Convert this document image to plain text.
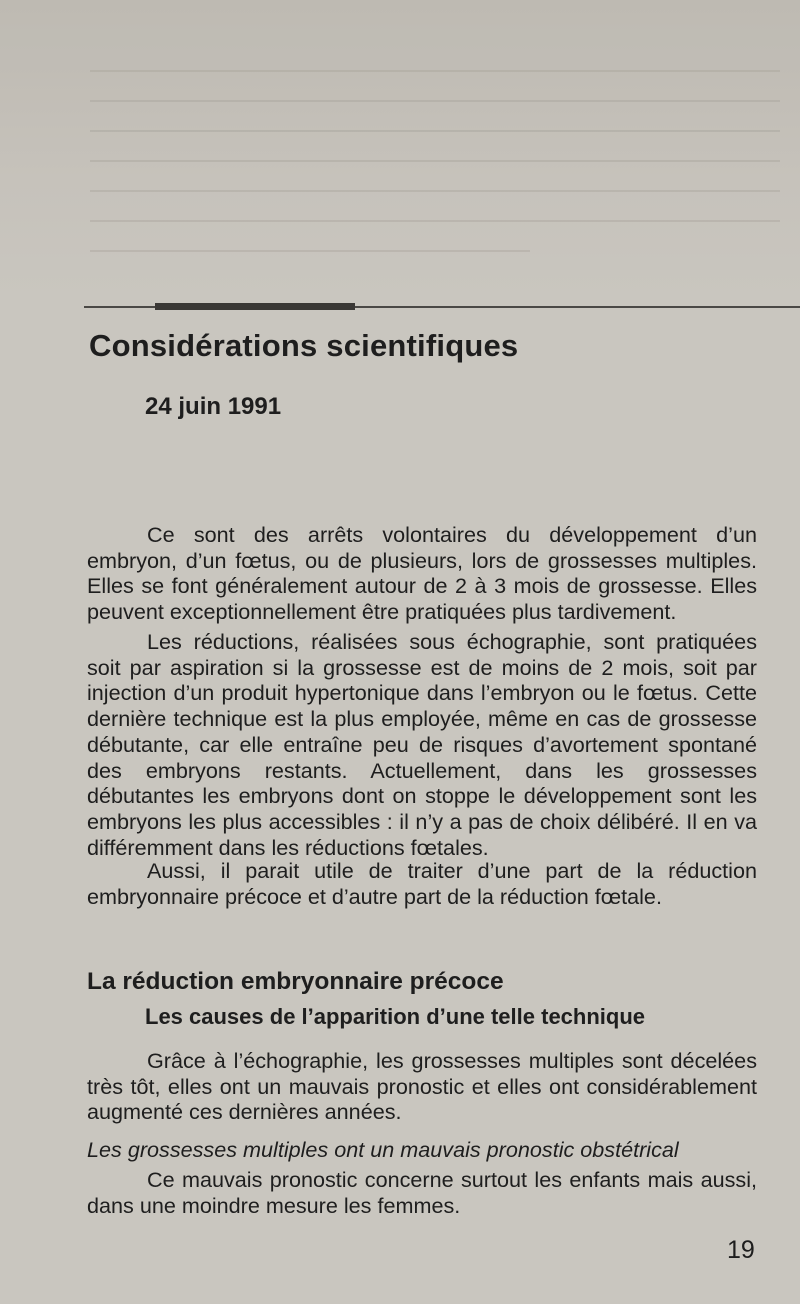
Considérations scientifiques

24 juin 1991

Ce sont des arrêts volontaires du développement d’un embryon, d’un fœtus, ou de plusieurs, lors de grossesses multiples. Elles se font généralement autour de 2 à 3 mois de grossesse. Elles peuvent exceptionnellement être pratiquées plus tardivement.

Les réductions, réalisées sous échographie, sont pratiquées soit par aspiration si la grossesse est de moins de 2 mois, soit par injection d’un produit hypertonique dans l’embryon ou le fœtus. Cette dernière technique est la plus employée, même en cas de grossesse débutante, car elle entraîne peu de risques d’avortement spontané des embryons restants. Actuellement, dans les grossesses débutantes les embryons dont on stoppe le développement sont les embryons les plus accessibles : il n’y a pas de choix délibéré. Il en va différemment dans les réductions fœtales.

Aussi, il parait utile de traiter d’une part de la réduction embryonnaire précoce et d’autre part de la réduction fœtale.

La réduction embryonnaire précoce
Les causes de l’apparition d’une telle technique

Grâce à l’échographie, les grossesses multiples sont décelées très tôt, elles ont un mauvais pronostic et elles ont considérablement augmenté ces dernières années.

Les grossesses multiples ont un mauvais pronostic obstétrical

Ce mauvais pronostic concerne surtout les enfants mais aussi, dans une moindre mesure les femmes.

19
